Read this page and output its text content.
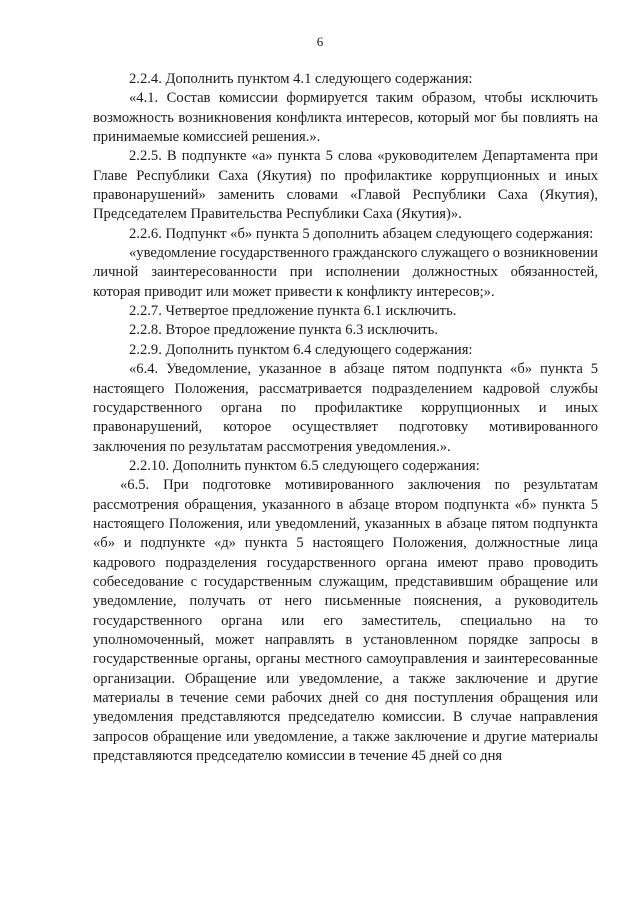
6

2.2.4. Дополнить пунктом 4.1 следующего содержания:

«4.1. Состав комиссии формируется таким образом, чтобы исключить возможность возникновения конфликта интересов, который мог бы повлиять на принимаемые комиссией решения.».

2.2.5. В подпункте «а» пункта 5 слова «руководителем Департамента при Главе Республики Саха (Якутия) по профилактике коррупционных и иных правонарушений» заменить словами «Главой Республики Саха (Якутия), Председателем Правительства Республики Саха (Якутия)».

2.2.6. Подпункт «б» пункта 5 дополнить абзацем следующего содержания:

«уведомление государственного гражданского служащего о возникновении личной заинтересованности при исполнении должностных обязанностей, которая приводит или может привести к конфликту интересов;».

2.2.7. Четвертое предложение пункта 6.1 исключить.

2.2.8. Второе предложение пункта 6.3 исключить.

2.2.9. Дополнить пунктом 6.4 следующего содержания:

«6.4. Уведомление, указанное в абзаце пятом подпункта «б» пункта 5 настоящего Положения, рассматривается подразделением кадровой службы государственного органа по профилактике коррупционных и иных правонарушений, которое осуществляет подготовку мотивированного заключения по результатам рассмотрения уведомления.».

2.2.10. Дополнить пунктом 6.5 следующего содержания:

«6.5. При подготовке мотивированного заключения по результатам рассмотрения обращения, указанного в абзаце втором подпункта «б» пункта 5 настоящего Положения, или уведомлений, указанных в абзаце пятом подпункта «б» и подпункте «д» пункта 5 настоящего Положения, должностные лица кадрового подразделения государственного органа имеют право проводить собеседование с государственным служащим, представившим обращение или уведомление, получать от него письменные пояснения, а руководитель государственного органа или его заместитель, специально на то уполномоченный, может направлять в установленном порядке запросы в государственные органы, органы местного самоуправления и заинтересованные организации. Обращение или уведомление, а также заключение и другие материалы в течение семи рабочих дней со дня поступления обращения или уведомления представляются председателю комиссии. В случае направления запросов обращение или уведомление, а также заключение и другие материалы представляются председателю комиссии в течение 45 дней со дня
